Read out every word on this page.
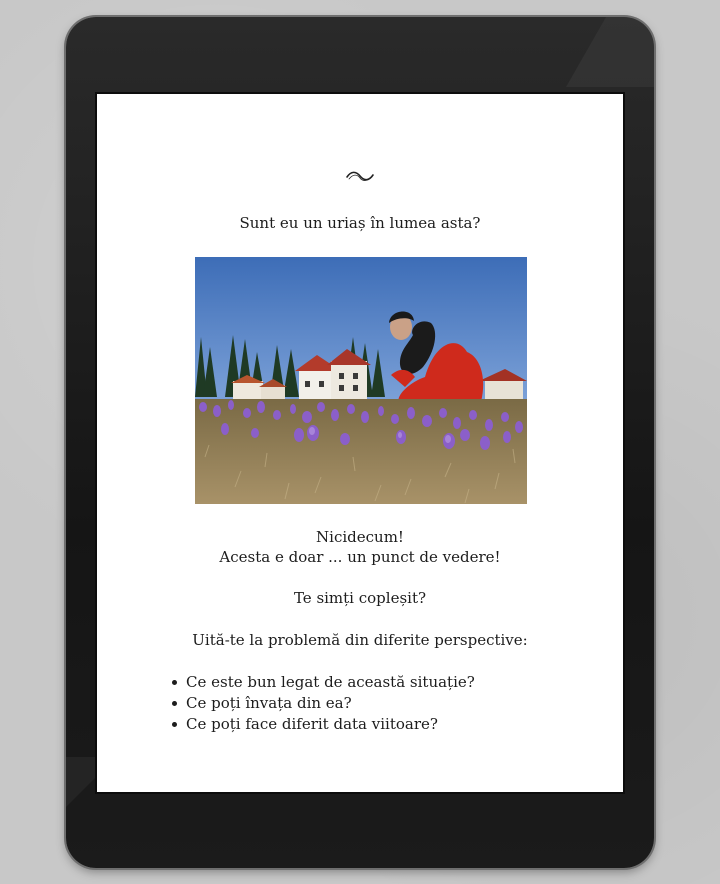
Sunt eu un uriaș în lumea asta?
Nicidecum!
Acesta e doar ... un punct de vedere!
Te simți copleșit?
Uită-te la problemă din diferite perspective:
Ce este bun legat de această situație?
Ce poți învața din ea?
Ce poți face diferit data viitoare?
